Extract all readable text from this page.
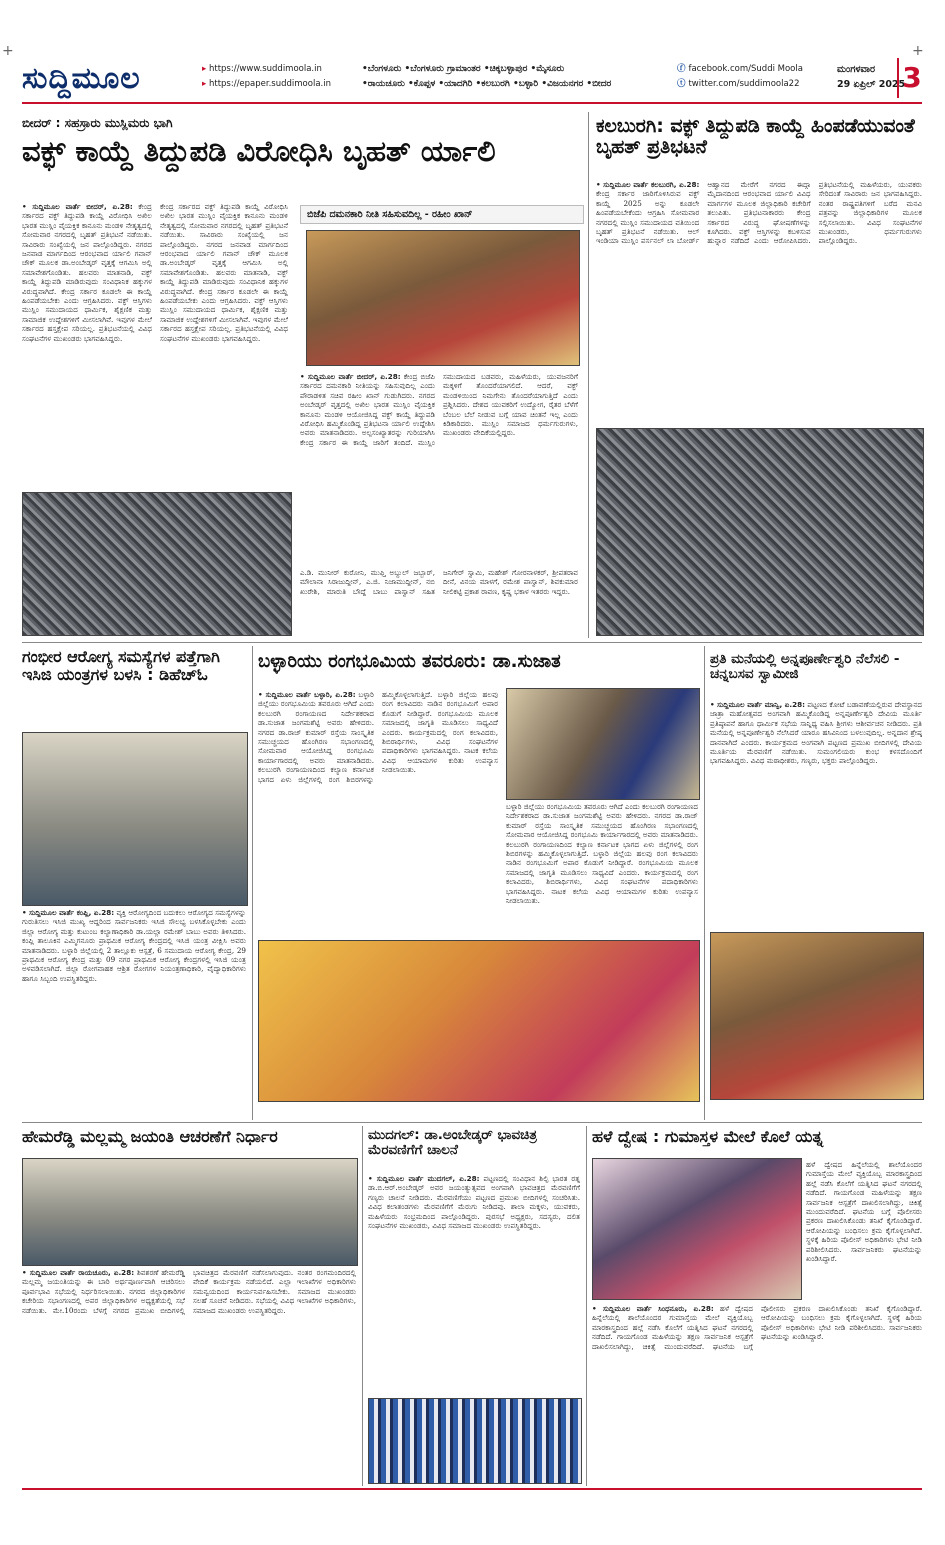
+	+
ಸುದ್ದಿಮೂಲ
▸	https://www.suddimoola.in
▸ https://epaper.suddimoola.in
•ಬೆಂಗಳೂರು •ಬೆಂಗಳೂರು ಗ್ರಾಮಾಂತರ •ಚಿಕ್ಕಬಳ್ಳಾಪುರ •ಮೈಸೂರು
•ರಾಯಚೂರು •ಕೊಪ್ಪಳ •ಯಾದಗಿರಿ •ಕಲಬುರಗಿ •ಬಳ್ಳಾರಿ •ವಿಜಯನಗರ •ಬೀದರ
ⓕ facebook.com/Suddi Moola
ⓣ twitter.com/suddimoola22
ಮಂಗಳವಾರ
29 ಏಪ್ರಿಲ್ 2025
3
ಬೀದರ್ : ಸಹಸ್ರಾರು ಮುಸ್ಲಿಮರು ಭಾಗಿ
ವಕ್ಫ್ ಕಾಯ್ದೆ ತಿದ್ದುಪಡಿ ವಿರೋಧಿಸಿ ಬೃಹತ್ ರ್ಯಾಲಿ
• ಸುದ್ದಿಮೂಲ ವಾರ್ತೆ ಬೀದರ್, ಏ.28: ಕೇಂದ್ರ ಸರ್ಕಾರದ ವಕ್ಫ್ ತಿದ್ದುಪಡಿ ಕಾಯ್ದೆ ವಿರೋಧಿಸಿ ಅಖಿಲ ಭಾರತ ಮುಸ್ಲಿಂ ವೈಯಕ್ತಿಕ ಕಾನೂನು ಮಂಡಳಿ ನೇತೃತ್ವದಲ್ಲಿ ಸೋಮವಾರ ನಗರದಲ್ಲಿ ಬೃಹತ್ ಪ್ರತಿಭಟನೆ ನಡೆಯಿತು. ಸಾವಿರಾರು ಸಂಖ್ಯೆಯಲ್ಲಿ ಜನ ಪಾಲ್ಗೊಂಡಿದ್ದರು. ನಗರದ ಜನವಾಡ ಮಾರ್ಗದಿಂದ ಆರಂಭವಾದ ರ್ಯಾಲಿ ಗವಾನ್ ಚೌಕ್ ಮೂಲಕ ಡಾ.ಅಂಬೇಡ್ಕರ್ ವೃತ್ತಕ್ಕೆ ಆಗಮಿಸಿ ಅಲ್ಲಿ ಸಮಾವೇಶಗೊಂಡಿತು. ಹಲವರು ಮಾತನಾಡಿ, ವಕ್ಫ್ ಕಾಯ್ದೆ ತಿದ್ದುಪಡಿ ಮಾಡಿರುವುದು ಸಂವಿಧಾನಿಕ ಹಕ್ಕುಗಳ ವಿರುದ್ಧವಾಗಿದೆ. ಕೇಂದ್ರ ಸರ್ಕಾರ ಕೂಡಲೇ ಈ ಕಾಯ್ದೆ ಹಿಂಪಡೆಯಬೇಕು ಎಂದು ಆಗ್ರಹಿಸಿದರು. ವಕ್ಫ್ ಆಸ್ತಿಗಳು ಮುಸ್ಲಿಂ ಸಮುದಾಯದ ಧಾರ್ಮಿಕ, ಶೈಕ್ಷಣಿಕ ಮತ್ತು ಸಾಮಾಜಿಕ ಉದ್ದೇಶಗಳಿಗೆ ಮೀಸಲಾಗಿವೆ. ಇವುಗಳ ಮೇಲೆ ಸರ್ಕಾರದ ಹಸ್ತಕ್ಷೇಪ ಸರಿಯಲ್ಲ. ಪ್ರತಿಭಟನೆಯಲ್ಲಿ ವಿವಿಧ ಸಂಘಟನೆಗಳ ಮುಖಂಡರು ಭಾಗವಹಿಸಿದ್ದರು.
ಕೇಂದ್ರ ಸರ್ಕಾರದ ವಕ್ಫ್ ತಿದ್ದುಪಡಿ ಕಾಯ್ದೆ ವಿರೋಧಿಸಿ ಅಖಿಲ ಭಾರತ ಮುಸ್ಲಿಂ ವೈಯಕ್ತಿಕ ಕಾನೂನು ಮಂಡಳಿ ನೇತೃತ್ವದಲ್ಲಿ ಸೋಮವಾರ ನಗರದಲ್ಲಿ ಬೃಹತ್ ಪ್ರತಿಭಟನೆ ನಡೆಯಿತು. ಸಾವಿರಾರು ಸಂಖ್ಯೆಯಲ್ಲಿ ಜನ ಪಾಲ್ಗೊಂಡಿದ್ದರು. ನಗರದ ಜನವಾಡ ಮಾರ್ಗದಿಂದ ಆರಂಭವಾದ ರ್ಯಾಲಿ ಗವಾನ್ ಚೌಕ್ ಮೂಲಕ ಡಾ.ಅಂಬೇಡ್ಕರ್ ವೃತ್ತಕ್ಕೆ ಆಗಮಿಸಿ ಅಲ್ಲಿ ಸಮಾವೇಶಗೊಂಡಿತು. ಹಲವರು ಮಾತನಾಡಿ, ವಕ್ಫ್ ಕಾಯ್ದೆ ತಿದ್ದುಪಡಿ ಮಾಡಿರುವುದು ಸಂವಿಧಾನಿಕ ಹಕ್ಕುಗಳ ವಿರುದ್ಧವಾಗಿದೆ. ಕೇಂದ್ರ ಸರ್ಕಾರ ಕೂಡಲೇ ಈ ಕಾಯ್ದೆ ಹಿಂಪಡೆಯಬೇಕು ಎಂದು ಆಗ್ರಹಿಸಿದರು. ವಕ್ಫ್ ಆಸ್ತಿಗಳು ಮುಸ್ಲಿಂ ಸಮುದಾಯದ ಧಾರ್ಮಿಕ, ಶೈಕ್ಷಣಿಕ ಮತ್ತು ಸಾಮಾಜಿಕ ಉದ್ದೇಶಗಳಿಗೆ ಮೀಸಲಾಗಿವೆ. ಇವುಗಳ ಮೇಲೆ ಸರ್ಕಾರದ ಹಸ್ತಕ್ಷೇಪ ಸರಿಯಲ್ಲ. ಪ್ರತಿಭಟನೆಯಲ್ಲಿ ವಿವಿಧ ಸಂಘಟನೆಗಳ ಮುಖಂಡರು ಭಾಗವಹಿಸಿದ್ದರು.
ಬಿಜೆಪಿ ದಮನಕಾರಿ ನೀತಿ ಸಹಿಸುವದಿಲ್ಲ - ರಹೀಂ ಖಾನ್
• ಸುದ್ದಿಮೂಲ ವಾರ್ತೆ ಬೀದರ್, ಏ.28: ಕೇಂದ್ರ ಬಿಜೆಪಿ ಸರ್ಕಾರದ ದಮನಕಾರಿ ನೀತಿಯನ್ನು ಸಹಿಸುವುದಿಲ್ಲ ಎಂದು ಪೌರಾಡಳಿತ ಸಚಿವ ರಹೀಂ ಖಾನ್ ಗುಡುಗಿದರು. ನಗರದ ಅಂಬೇಡ್ಕರ್ ವೃತ್ತದಲ್ಲಿ ಅಖಿಲ ಭಾರತ ಮುಸ್ಲಿಂ ವೈಯಕ್ತಿಕ ಕಾನೂನು ಮಂಡಳಿ ಆಯೋಜಿಸಿದ್ದ ವಕ್ಫ್ ಕಾಯ್ದೆ ತಿದ್ದುಪಡಿ ವಿರೋಧಿಸಿ ಹಮ್ಮಿಕೊಂಡಿದ್ದ ಪ್ರತಿಭಟನಾ ರ್ಯಾಲಿ ಉದ್ದೇಶಿಸಿ ಅವರು ಮಾತನಾಡಿದರು. ಅಲ್ಪಸಂಖ್ಯಾತರನ್ನು ಗುರಿಯಾಗಿಸಿ ಕೇಂದ್ರ ಸರ್ಕಾರ ಈ ಕಾಯ್ದೆ ಜಾರಿಗೆ ತಂದಿದೆ. ಮುಸ್ಲಿಂ ಸಮುದಾಯದ ಬಡವರು, ಮಹಿಳೆಯರು, ಯುವಜನರಿಗೆ ಮಕ್ಕಳಿಗೆ ತೊಂದರೆಯಾಗಲಿದೆ. ಆದರೆ, ವಕ್ಫ್ ಮಂಡಳಿಯಿಂದ ನಿಮಗೇನು ತೊಂದರೆಯಾಗುತ್ತಿದೆ ಎಂದು ಪ್ರಶ್ನಿಸಿದರು. ದೇಶದ ಯುವಕರಿಗೆ ಉದ್ಯೋಗ, ರೈತರ ಬೆಳೆಗೆ ಬೆಂಬಲ ಬೆಲೆ ನೀಡುವ ಬಗ್ಗೆ ಯಾವ ಚಿಂತನೆ ಇಲ್ಲ ಎಂದು ಕಿಡಿಕಾರಿದರು. ಮುಸ್ಲಿಂ ಸಮಾಜದ ಧರ್ಮಗುರುಗಳು, ಮುಖಂಡರು ವೇದಿಕೆಯಲ್ಲಿದ್ದರು.
ಎ.ಡಿ. ಮುನೀರ್ ಕುರೋನಿ, ಮುಫ್ತಿ ಅಬ್ದುಲ್ ಜಬ್ಬಾರ್, ಮೌಲಾನಾ ಸಿರಾಜುದ್ದೀನ್, ಎ.ಜಿ. ನಿಜಾಮುದ್ದೀನ್, ನಬಿ ಖುರೇಶಿ, ಮಾರುತಿ ಬೌದ್ದೆ ಬಾಬು ಪಾಸ್ವಾನ್ ಸಹಿತ ಜನಿಗೇರ್ ಸ್ವಾಮಿ, ಮಹೇಶ್ ಗೋರನಾಳಕರ್, ಶ್ರೀಪತರಾವ ದೀನೆ, ವಿನಯ ಮಾಳಗೆ, ರಮೇಶ ಪಾಸ್ವಾನ್, ಶಿವಕುಮಾರ ನೀಲಿಕಟ್ಟಿ ಪ್ರಕಾಶ ರಾವಣ, ಕೃಷ್ಣ ಭಕಾಳ ಇತರರು ಇದ್ದರು.
ಕಲಬುರಗಿ: ವಕ್ಫ್ ತಿದ್ದುಪಡಿ ಕಾಯ್ದೆ ಹಿಂಪಡೆಯುವಂತೆ ಬೃಹತ್ ಪ್ರತಿಭಟನೆ
• ಸುದ್ದಿಮೂಲ ವಾರ್ತೆ ಕಲಬುರಗಿ, ಏ.28: ಕೇಂದ್ರ ಸರ್ಕಾರ ಜಾರಿಗೊಳಿಸಿರುವ ವಕ್ಫ್ ಕಾಯ್ದೆ 2025 ಅನ್ನು ಕೂಡಲೇ ಹಿಂಪಡೆಯಬೇಕೆಂದು ಆಗ್ರಹಿಸಿ ಸೋಮವಾರ ನಗರದಲ್ಲಿ ಮುಸ್ಲಿಂ ಸಮುದಾಯದ ವತಿಯಿಂದ ಬೃಹತ್ ಪ್ರತಿಭಟನೆ ನಡೆಯಿತು. ಆಲ್ ಇಂಡಿಯಾ ಮುಸ್ಲಿಂ ಪರ್ಸನಲ್ ಲಾ ಬೋರ್ಡ್ ಆಹ್ವಾನದ ಮೇರೆಗೆ ನಗರದ ಈದ್ಗಾ ಮೈದಾನದಿಂದ ಆರಂಭವಾದ ರ್ಯಾಲಿ ವಿವಿಧ ಮಾರ್ಗಗಳ ಮೂಲಕ ಜಿಲ್ಲಾಧಿಕಾರಿ ಕಚೇರಿಗೆ ತಲುಪಿತು. ಪ್ರತಿಭಟನಾಕಾರರು ಕೇಂದ್ರ ಸರ್ಕಾರದ ವಿರುದ್ಧ ಘೋಷಣೆಗಳನ್ನು ಕೂಗಿದರು. ವಕ್ಫ್ ಆಸ್ತಿಗಳನ್ನು ಕಬಳಿಸುವ ಹುನ್ನಾರ ನಡೆದಿದೆ ಎಂದು ಆರೋಪಿಸಿದರು. ಪ್ರತಿಭಟನೆಯಲ್ಲಿ ಮಹಿಳೆಯರು, ಯುವಕರು ಸೇರಿದಂತೆ ಸಾವಿರಾರು ಜನ ಭಾಗವಹಿಸಿದ್ದರು. ನಂತರ ರಾಷ್ಟ್ರಪತಿಗಳಿಗೆ ಬರೆದ ಮನವಿ ಪತ್ರವನ್ನು ಜಿಲ್ಲಾಧಿಕಾರಿಗಳ ಮೂಲಕ ಸಲ್ಲಿಸಲಾಯಿತು. ವಿವಿಧ ಸಂಘಟನೆಗಳ ಮುಖಂಡರು, ಧರ್ಮಗುರುಗಳು ಪಾಲ್ಗೊಂಡಿದ್ದರು.
ಗಂಭೀರ ಆರೋಗ್ಯ ಸಮಸ್ಯೆಗಳ ಪತ್ತೆಗಾಗಿ ಇಸಿಜಿ ಯಂತ್ರಗಳ ಬಳಸಿ : ಡಿಹೆಚ್‌ಓ
• ಸುದ್ದಿಮೂಲ ವಾರ್ತೆ ಕಂಪ್ಲಿ, ಏ.28: ವ್ಯಕ್ತಿ ಆರೋಗ್ಯದಿಂದ ಬದುಕಲು ಆರೋಗ್ಯದ ಸಮಸ್ಯೆಗಳನ್ನು ಗುರುತಿಸಲು ಇಸಿಜಿ ಮುಖ್ಯ ಆದ್ದರಿಂದ ಸಾರ್ವಜನಿಕರು ಇಸಿಜಿ ಸೌಲಭ್ಯ ಬಳಸಿಕೊಳ್ಳಬೇಕು ಎಂದು ಜಿಲ್ಲಾ ಆರೋಗ್ಯ ಮತ್ತು ಕುಟುಂಬ ಕಲ್ಯಾಣಾಧಿಕಾರಿ ಡಾ.ಯಲ್ಲಾ ರಮೇಶ್ ಬಾಬು ಅವರು ತಿಳಿಸಿದರು. ಕಂಪ್ಲಿ ತಾಲೂಕಿನ ಎಮ್ಮಿಗನೂರು ಪ್ರಾಥಮಿಕ ಆರೋಗ್ಯ ಕೇಂದ್ರದಲ್ಲಿ ಇಸಿಜಿ ಯಂತ್ರ ವೀಕ್ಷಿಸಿ ಅವರು ಮಾತನಾಡಿದರು. ಬಳ್ಳಾರಿ ಜಿಲ್ಲೆಯಲ್ಲಿ 2 ತಾಲ್ಲೂಕು ಆಸ್ಪತ್ರೆ, 6 ಸಮುದಾಯ ಆರೋಗ್ಯ ಕೇಂದ್ರ, 29 ಪ್ರಾಥಮಿಕ ಆರೋಗ್ಯ ಕೇಂದ್ರ ಮತ್ತು 09 ನಗರ ಪ್ರಾಥಮಿಕ ಆರೋಗ್ಯ ಕೇಂದ್ರಗಳಲ್ಲಿ ಇಸಿಜಿ ಯಂತ್ರ ಅಳವಡಿಸಲಾಗಿದೆ. ಜಿಲ್ಲಾ ರೋಗವಾಹಕ ಆಶ್ರಿತ ರೋಗಗಳ ನಿಯಂತ್ರಣಾಧಿಕಾರಿ, ವೈದ್ಯಾಧಿಕಾರಿಗಳು ಹಾಗೂ ಸಿಬ್ಬಂದಿ ಉಪಸ್ಥಿತರಿದ್ದರು.
ಬಳ್ಳಾರಿಯು ರಂಗಭೂಮಿಯ ತವರೂರು: ಡಾ.ಸುಜಾತ
• ಸುದ್ದಿಮೂಲ ವಾರ್ತೆ ಬಳ್ಳಾರಿ, ಏ.28: ಬಳ್ಳಾರಿ ಜಿಲ್ಲೆಯು ರಂಗಭೂಮಿಯ ತವರೂರು ಆಗಿದೆ ಎಂದು ಕಲಬುರಗಿ ರಂಗಾಯಣದ ನಿರ್ದೇಶಕರಾದ ಡಾ.ಸುಜಾತ ಜಂಗಮಶೆಟ್ಟಿ ಅವರು ಹೇಳಿದರು. ನಗರದ ಡಾ.ರಾಜ್ ಕುಮಾರ್ ರಸ್ತೆಯ ಸಾಂಸ್ಕೃತಿಕ ಸಮುಚ್ಚಯದ ಹೊಂಗಿರಣ ಸಭಾಂಗಣದಲ್ಲಿ ಸೋಮವಾರ ಆಯೋಜಿಸಿದ್ದ ರಂಗಭೂಮಿ ಕಾರ್ಯಾಗಾರದಲ್ಲಿ ಅವರು ಮಾತನಾಡಿದರು. ಕಲಬುರಗಿ ರಂಗಾಯಣದಿಂದ ಕಲ್ಯಾಣ ಕರ್ನಾಟಕ ಭಾಗದ ಏಳು ಜಿಲ್ಲೆಗಳಲ್ಲಿ ರಂಗ ಶಿಬಿರಗಳನ್ನು ಹಮ್ಮಿಕೊಳ್ಳಲಾಗುತ್ತಿದೆ. ಬಳ್ಳಾರಿ ಜಿಲ್ಲೆಯ ಹಲವು ರಂಗ ಕಲಾವಿದರು ನಾಡಿನ ರಂಗಭೂಮಿಗೆ ಅಪಾರ ಕೊಡುಗೆ ನೀಡಿದ್ದಾರೆ. ರಂಗಭೂಮಿಯ ಮೂಲಕ ಸಮಾಜದಲ್ಲಿ ಜಾಗೃತಿ ಮೂಡಿಸಲು ಸಾಧ್ಯವಿದೆ ಎಂದರು. ಕಾರ್ಯಕ್ರಮದಲ್ಲಿ ರಂಗ ಕಲಾವಿದರು, ಶಿಬಿರಾರ್ಥಿಗಳು, ವಿವಿಧ ಸಂಘಟನೆಗಳ ಪದಾಧಿಕಾರಿಗಳು ಭಾಗವಹಿಸಿದ್ದರು. ನಾಟಕ ಕಲೆಯ ವಿವಿಧ ಆಯಾಮಗಳ ಕುರಿತು ಉಪನ್ಯಾಸ ನೀಡಲಾಯಿತು.
ಬಳ್ಳಾರಿ ಜಿಲ್ಲೆಯು ರಂಗಭೂಮಿಯ ತವರೂರು ಆಗಿದೆ ಎಂದು ಕಲಬುರಗಿ ರಂಗಾಯಣದ ನಿರ್ದೇಶಕರಾದ ಡಾ.ಸುಜಾತ ಜಂಗಮಶೆಟ್ಟಿ ಅವರು ಹೇಳಿದರು. ನಗರದ ಡಾ.ರಾಜ್ ಕುಮಾರ್ ರಸ್ತೆಯ ಸಾಂಸ್ಕೃತಿಕ ಸಮುಚ್ಚಯದ ಹೊಂಗಿರಣ ಸಭಾಂಗಣದಲ್ಲಿ ಸೋಮವಾರ ಆಯೋಜಿಸಿದ್ದ ರಂಗಭೂಮಿ ಕಾರ್ಯಾಗಾರದಲ್ಲಿ ಅವರು ಮಾತನಾಡಿದರು. ಕಲಬುರಗಿ ರಂಗಾಯಣದಿಂದ ಕಲ್ಯಾಣ ಕರ್ನಾಟಕ ಭಾಗದ ಏಳು ಜಿಲ್ಲೆಗಳಲ್ಲಿ ರಂಗ ಶಿಬಿರಗಳನ್ನು ಹಮ್ಮಿಕೊಳ್ಳಲಾಗುತ್ತಿದೆ. ಬಳ್ಳಾರಿ ಜಿಲ್ಲೆಯ ಹಲವು ರಂಗ ಕಲಾವಿದರು ನಾಡಿನ ರಂಗಭೂಮಿಗೆ ಅಪಾರ ಕೊಡುಗೆ ನೀಡಿದ್ದಾರೆ. ರಂಗಭೂಮಿಯ ಮೂಲಕ ಸಮಾಜದಲ್ಲಿ ಜಾಗೃತಿ ಮೂಡಿಸಲು ಸಾಧ್ಯವಿದೆ ಎಂದರು. ಕಾರ್ಯಕ್ರಮದಲ್ಲಿ ರಂಗ ಕಲಾವಿದರು, ಶಿಬಿರಾರ್ಥಿಗಳು, ವಿವಿಧ ಸಂಘಟನೆಗಳ ಪದಾಧಿಕಾರಿಗಳು ಭಾಗವಹಿಸಿದ್ದರು. ನಾಟಕ ಕಲೆಯ ವಿವಿಧ ಆಯಾಮಗಳ ಕುರಿತು ಉಪನ್ಯಾಸ ನೀಡಲಾಯಿತು.
ಪ್ರತಿ ಮನೆಯಲ್ಲಿ ಅನ್ನಪೂರ್ಣೇಶ್ವರಿ ನೆಲೆಸಲಿ - ಚನ್ನಬಸವ ಸ್ವಾಮೀಜಿ
• ಸುದ್ದಿಮೂಲ ವಾರ್ತೆ ಮಾನ್ವಿ, ಏ.28: ಪಟ್ಟಣದ ಕೋಟೆ ಬಡಾವಣೆಯಲ್ಲಿರುವ ದೇವಸ್ಥಾನದ ಜಾತ್ರಾ ಮಹೋತ್ಸವದ ಅಂಗವಾಗಿ ಹಮ್ಮಿಕೊಂಡಿದ್ದ ಅನ್ನಪೂರ್ಣೇಶ್ವರಿ ದೇವಿಯ ಮೂರ್ತಿ ಪ್ರತಿಷ್ಠಾಪನೆ ಹಾಗೂ ಧಾರ್ಮಿಕ ಸಭೆಯ ಸಾನ್ನಿಧ್ಯ ವಹಿಸಿ ಶ್ರೀಗಳು ಆಶೀರ್ವಚನ ನೀಡಿದರು. ಪ್ರತಿ ಮನೆಯಲ್ಲಿ ಅನ್ನಪೂರ್ಣೇಶ್ವರಿ ನೆಲೆಸಿದರೆ ಯಾರೂ ಹಸಿವಿನಿಂದ ಬಳಲುವುದಿಲ್ಲ. ಅನ್ನದಾನ ಶ್ರೇಷ್ಠ ದಾನವಾಗಿದೆ ಎಂದರು. ಕಾರ್ಯಕ್ರಮದ ಅಂಗವಾಗಿ ಪಟ್ಟಣದ ಪ್ರಮುಖ ಬೀದಿಗಳಲ್ಲಿ ದೇವಿಯ ಮೂರ್ತಿಯ ಮೆರವಣಿಗೆ ನಡೆಯಿತು. ಸುಮಂಗಲಿಯರು ಕುಂಭ ಕಳಸದೊಂದಿಗೆ ಭಾಗವಹಿಸಿದ್ದರು. ವಿವಿಧ ಮಠಾಧೀಶರು, ಗಣ್ಯರು, ಭಕ್ತರು ಪಾಲ್ಗೊಂಡಿದ್ದರು.
ಹೇಮರೆಡ್ಡಿ ಮಲ್ಲಮ್ಮ ಜಯಂತಿ ಆಚರಣೆಗೆ ನಿರ್ಧಾರ
• ಸುದ್ದಿಮೂಲ ವಾರ್ತೆ ರಾಯಚೂರು, ಏ.28: ಶಿವಶರಣೆ ಹೇಮರೆಡ್ಡಿ ಮಲ್ಲಮ್ಮ ಜಯಂತಿಯನ್ನು ಈ ಬಾರಿ ಅರ್ಥಪೂರ್ಣವಾಗಿ ಆಚರಿಸಲು ಪೂರ್ವಭಾವಿ ಸಭೆಯಲ್ಲಿ ನಿರ್ಧರಿಸಲಾಯಿತು. ನಗರದ ಜಿಲ್ಲಾಧಿಕಾರಿಗಳ ಕಚೇರಿಯ ಸಭಾಂಗಣದಲ್ಲಿ ಅಪರ ಜಿಲ್ಲಾಧಿಕಾರಿಗಳ ಅಧ್ಯಕ್ಷತೆಯಲ್ಲಿ ಸಭೆ ನಡೆಯಿತು. ಮೇ.10ರಂದು ಬೆಳಗ್ಗೆ ನಗರದ ಪ್ರಮುಖ ಬೀದಿಗಳಲ್ಲಿ ಭಾವಚಿತ್ರದ ಮೆರವಣಿಗೆ ನಡೆಸಲಾಗುವುದು. ನಂತರ ರಂಗಮಂದಿರದಲ್ಲಿ ವೇದಿಕೆ ಕಾರ್ಯಕ್ರಮ ನಡೆಯಲಿದೆ. ಎಲ್ಲಾ ಇಲಾಖೆಗಳ ಅಧಿಕಾರಿಗಳು ಸಮನ್ವಯದಿಂದ ಕಾರ್ಯನಿರ್ವಹಿಸಬೇಕು. ಸಮಾಜದ ಮುಖಂಡರು ಸಲಹೆ ಸೂಚನೆ ನೀಡಿದರು. ಸಭೆಯಲ್ಲಿ ವಿವಿಧ ಇಲಾಖೆಗಳ ಅಧಿಕಾರಿಗಳು, ಸಮಾಜದ ಮುಖಂಡರು ಉಪಸ್ಥಿತರಿದ್ದರು.
ಮುದಗಲ್: ಡಾ.ಅಂಬೇಡ್ಕರ್ ಭಾವಚಿತ್ರ ಮೆರವಣಿಗೆಗೆ ಚಾಲನೆ
• ಸುದ್ದಿಮೂಲ ವಾರ್ತೆ ಮುದಗಲ್, ಏ.28: ಪಟ್ಟಣದಲ್ಲಿ ಸಂವಿಧಾನ ಶಿಲ್ಪಿ ಭಾರತ ರತ್ನ ಡಾ.ಬಿ.ಆರ್.ಅಂಬೇಡ್ಕರ್ ಅವರ ಜಯಂತ್ಯುತ್ಸವದ ಅಂಗವಾಗಿ ಭಾವಚಿತ್ರದ ಮೆರವಣಿಗೆಗೆ ಗಣ್ಯರು ಚಾಲನೆ ನೀಡಿದರು. ಮೆರವಣಿಗೆಯು ಪಟ್ಟಣದ ಪ್ರಮುಖ ಬೀದಿಗಳಲ್ಲಿ ಸಂಚರಿಸಿತು. ವಿವಿಧ ಕಲಾತಂಡಗಳು ಮೆರವಣಿಗೆಗೆ ಮೆರುಗು ನೀಡಿದವು. ಶಾಲಾ ಮಕ್ಕಳು, ಯುವಕರು, ಮಹಿಳೆಯರು ಸಂಭ್ರಮದಿಂದ ಪಾಲ್ಗೊಂಡಿದ್ದರು. ಪುರಸಭೆ ಅಧ್ಯಕ್ಷರು, ಸದಸ್ಯರು, ದಲಿತ ಸಂಘಟನೆಗಳ ಮುಖಂಡರು, ವಿವಿಧ ಸಮಾಜದ ಮುಖಂಡರು ಉಪಸ್ಥಿತರಿದ್ದರು.
ಹಳೆ ದ್ವೇಷ : ಗುಮಾಸ್ತಳ ಮೇಲೆ ಕೊಲೆ ಯತ್ನ
ಹಳೆ ದ್ವೇಷದ ಹಿನ್ನೆಲೆಯಲ್ಲಿ ಶಾಲೆಯೊಂದರ ಗುಮಾಸ್ತೆಯ ಮೇಲೆ ವ್ಯಕ್ತಿಯೊಬ್ಬ ಮಾರಕಾಸ್ತ್ರದಿಂದ ಹಲ್ಲೆ ನಡೆಸಿ ಕೊಲೆಗೆ ಯತ್ನಿಸಿದ ಘಟನೆ ನಗರದಲ್ಲಿ ನಡೆದಿದೆ. ಗಾಯಗೊಂಡ ಮಹಿಳೆಯನ್ನು ತಕ್ಷಣ ಸಾರ್ವಜನಿಕ ಆಸ್ಪತ್ರೆಗೆ ದಾಖಲಿಸಲಾಗಿದ್ದು, ಚಿಕಿತ್ಸೆ ಮುಂದುವರೆದಿದೆ. ಘಟನೆಯ ಬಗ್ಗೆ ಪೊಲೀಸರು ಪ್ರಕರಣ ದಾಖಲಿಸಿಕೊಂಡು ತನಿಖೆ ಕೈಗೊಂಡಿದ್ದಾರೆ. ಆರೋಪಿಯನ್ನು ಬಂಧಿಸಲು ಕ್ರಮ ಕೈಗೊಳ್ಳಲಾಗಿದೆ. ಸ್ಥಳಕ್ಕೆ ಹಿರಿಯ ಪೊಲೀಸ್ ಅಧಿಕಾರಿಗಳು ಭೇಟಿ ನೀಡಿ ಪರಿಶೀಲಿಸಿದರು. ಸಾರ್ವಜನಿಕರು ಘಟನೆಯನ್ನು ಖಂಡಿಸಿದ್ದಾರೆ.
• ಸುದ್ದಿಮೂಲ ವಾರ್ತೆ ಸಿಂಧನೂರು, ಏ.28: ಹಳೆ ದ್ವೇಷದ ಹಿನ್ನೆಲೆಯಲ್ಲಿ ಶಾಲೆಯೊಂದರ ಗುಮಾಸ್ತೆಯ ಮೇಲೆ ವ್ಯಕ್ತಿಯೊಬ್ಬ ಮಾರಕಾಸ್ತ್ರದಿಂದ ಹಲ್ಲೆ ನಡೆಸಿ ಕೊಲೆಗೆ ಯತ್ನಿಸಿದ ಘಟನೆ ನಗರದಲ್ಲಿ ನಡೆದಿದೆ. ಗಾಯಗೊಂಡ ಮಹಿಳೆಯನ್ನು ತಕ್ಷಣ ಸಾರ್ವಜನಿಕ ಆಸ್ಪತ್ರೆಗೆ ದಾಖಲಿಸಲಾಗಿದ್ದು, ಚಿಕಿತ್ಸೆ ಮುಂದುವರೆದಿದೆ. ಘಟನೆಯ ಬಗ್ಗೆ ಪೊಲೀಸರು ಪ್ರಕರಣ ದಾಖಲಿಸಿಕೊಂಡು ತನಿಖೆ ಕೈಗೊಂಡಿದ್ದಾರೆ. ಆರೋಪಿಯನ್ನು ಬಂಧಿಸಲು ಕ್ರಮ ಕೈಗೊಳ್ಳಲಾಗಿದೆ. ಸ್ಥಳಕ್ಕೆ ಹಿರಿಯ ಪೊಲೀಸ್ ಅಧಿಕಾರಿಗಳು ಭೇಟಿ ನೀಡಿ ಪರಿಶೀಲಿಸಿದರು. ಸಾರ್ವಜನಿಕರು ಘಟನೆಯನ್ನು ಖಂಡಿಸಿದ್ದಾರೆ.
